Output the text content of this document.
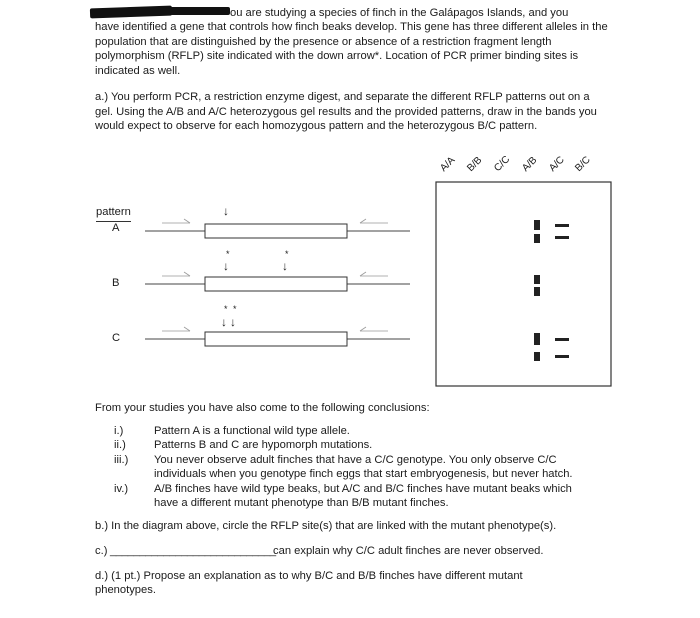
ou are studying a species of finch in the Galápagos Islands, and you
have identified a gene that controls how finch beaks develop. This gene has three different alleles in the population that are distinguished by the presence or absence of a restriction fragment length polymorphism (RFLP) site indicated with the down arrow*. Location of PCR primer binding sites is indicated as well.
a.) You perform PCR, a restriction enzyme digest, and separate the different RFLP patterns out on a gel. Using the A/B and A/C heterozygous gel results and the provided patterns, draw in the bands you would expect to observe for each homozygous pattern and the heterozygous B/C pattern.
pattern
A
B
C
↓
*
↓
*
↓
* *
↓ ↓
A/A B/B C/C A/B A/C B/C
From your studies you have also come to the following conclusions:
i.)	Pattern A is a functional wild type allele.
ii.)	Patterns B and C are hypomorph mutations.
iii.) You never observe adult finches that have a C/C genotype. You only observe C/C
individuals when you genotype finch eggs that start embryogenesis, but never hatch.
iv.) A/B finches have wild type beaks, but A/C and B/C finches have mutant beaks which
have a different mutant phenotype than B/B mutant finches.
b.) In the diagram above, circle the RFLP site(s) that are linked with the mutant phenotype(s).
c.) ____________________________
can explain why C/C adult finches are never observed.
d.) (1 pt.) Propose an explanation as to why B/C and B/B finches have different mutant
phenotypes.
